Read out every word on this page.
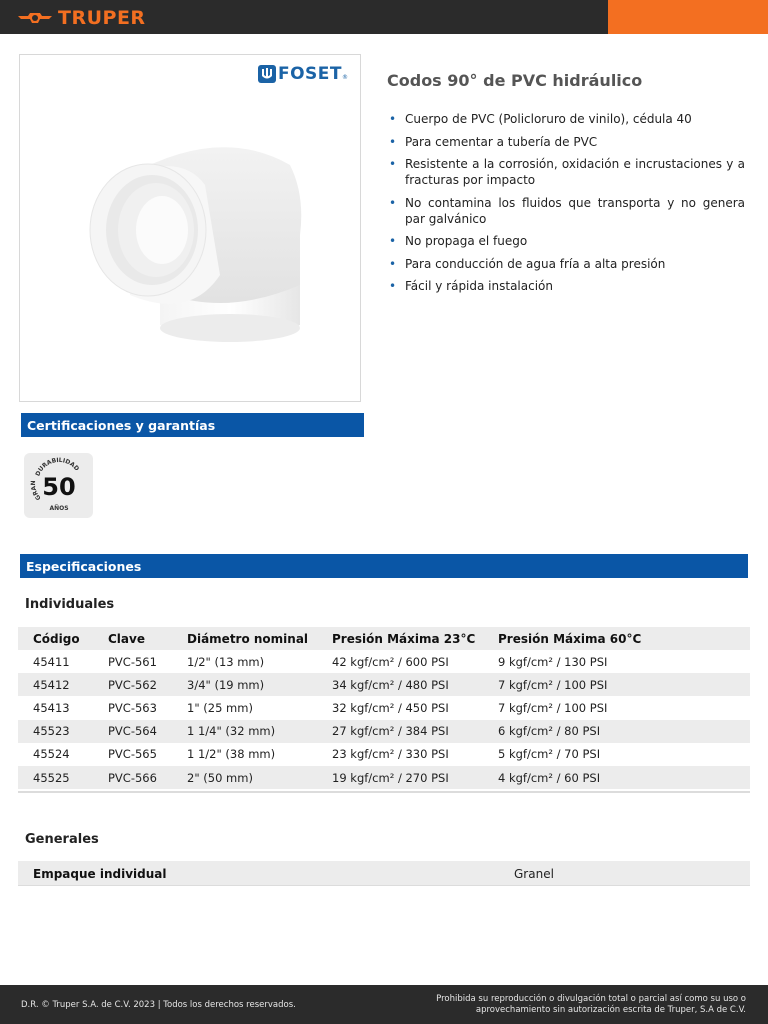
TRUPER
FOSET ® Codos 90° de PVC hidráulico
• Cuerpo de PVC (Policloruro de vinilo), cédula 40
• Para cementar a tubería de PVC
• Resistente a la corrosión, oxidación e incrustaciones y a fracturas por impacto
• No contamina los fluidos que transporta y no genera par galvánico
• No propaga el fuego
• Para conducción de agua fría a alta presión
• Fácil y rápida instalación
Certificaciones y garantías
DURABILIDAD
GRAN 50
AÑOS
Especificaciones
Individuales
Código	Clave	Diámetro nominal	Presión Máxima 23°C	Presión Máxima 60°C
45411	PVC-561	1/2" (13 mm)	42 kgf/cm² / 600 PSI	9 kgf/cm² / 130 PSI
45412	PVC-562	3/4" (19 mm)	34 kgf/cm² / 480 PSI	7 kgf/cm² / 100 PSI
45413	PVC-563	1" (25 mm)	32 kgf/cm² / 450 PSI	7 kgf/cm² / 100 PSI
45523	PVC-564	1 1/4" (32 mm)	27 kgf/cm² / 384 PSI	6 kgf/cm² / 80 PSI
45524	PVC-565	1 1/2" (38 mm)	23 kgf/cm² / 330 PSI	5 kgf/cm² / 70 PSI
45525	PVC-566	2" (50 mm)	19 kgf/cm² / 270 PSI	4 kgf/cm² / 60 PSI
Generales
Empaque individual	Granel
D.R. © Truper S.A. de C.V. 2023 | Todos los derechos reservados.
Prohibida su reproducción o divulgación total o parcial así como su uso o
aprovechamiento sin autorización escrita de Truper, S.A de C.V.
